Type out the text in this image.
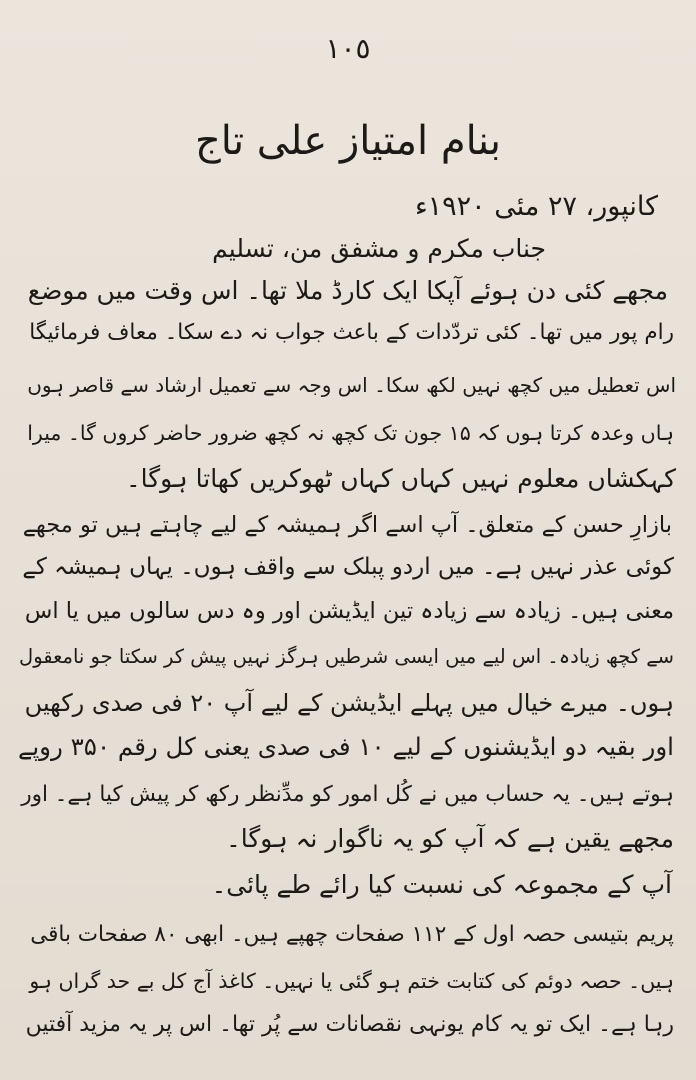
١٠٥
بنام امتیاز علی تاج
کانپور، ۲۷ مئی ۱۹۲۰ء
جناب مکرم و مشفق من، تسلیم
مجھے کئی دن ہوئے آپکا ایک کارڈ ملا تھا۔ اس وقت میں موضع
رام پور میں تھا۔ کئی تردّدات کے باعث جواب نہ دے سکا۔ معاف فرمائیگا
اس تعطیل میں کچھ نہیں لکھ سکا۔ اس وجہ سے تعمیل ارشاد سے قاصر ہوں
ہاں وعدہ کرتا ہوں کہ ۱۵ جون تک کچھ نہ کچھ ضرور حاضر کروں گا۔ میرا
کہکشاں معلوم نہیں کہاں کہاں ٹھوکریں کھاتا ہوگا۔
بازارِ حسن کے متعلق۔ آپ اسے اگر ہمیشہ کے لیے چاہتے ہیں تو مجھے
کوئی عذر نہیں ہے۔ میں اردو پبلک سے واقف ہوں۔ یہاں ہمیشہ کے
معنی ہیں۔ زیادہ سے زیادہ تین ایڈیشن اور وہ دس سالوں میں یا اس
سے کچھ زیادہ۔ اس لیے میں ایسی شرطیں ہرگز نہیں پیش کر سکتا جو نامعقول
ہوں۔ میرے خیال میں پہلے ایڈیشن کے لیے آپ ۲۰ فی صدی رکھیں
اور بقیہ دو ایڈیشنوں کے لیے ۱۰ فی صدی یعنی کل رقم ۳۵۰ روپے
ہوتے ہیں۔ یہ حساب میں نے کُل امور کو مدِّنظر رکھ کر پیش کیا ہے۔ اور
مجھے یقین ہے کہ آپ کو یہ ناگوار نہ ہوگا۔
آپ کے مجموعہ کی نسبت کیا رائے طے پائی۔
پریم بتیسی حصہ اول کے ۱۱۲ صفحات چھپے ہیں۔ ابھی ۸۰ صفحات باقی
ہیں۔ حصہ دوئم کی کتابت ختم ہو گئی یا نہیں۔ کاغذ آج کل بے حد گراں ہو
رہا ہے۔ ایک تو یہ کام یونہی نقصانات سے پُر تھا۔ اس پر یہ مزید آفتیں
